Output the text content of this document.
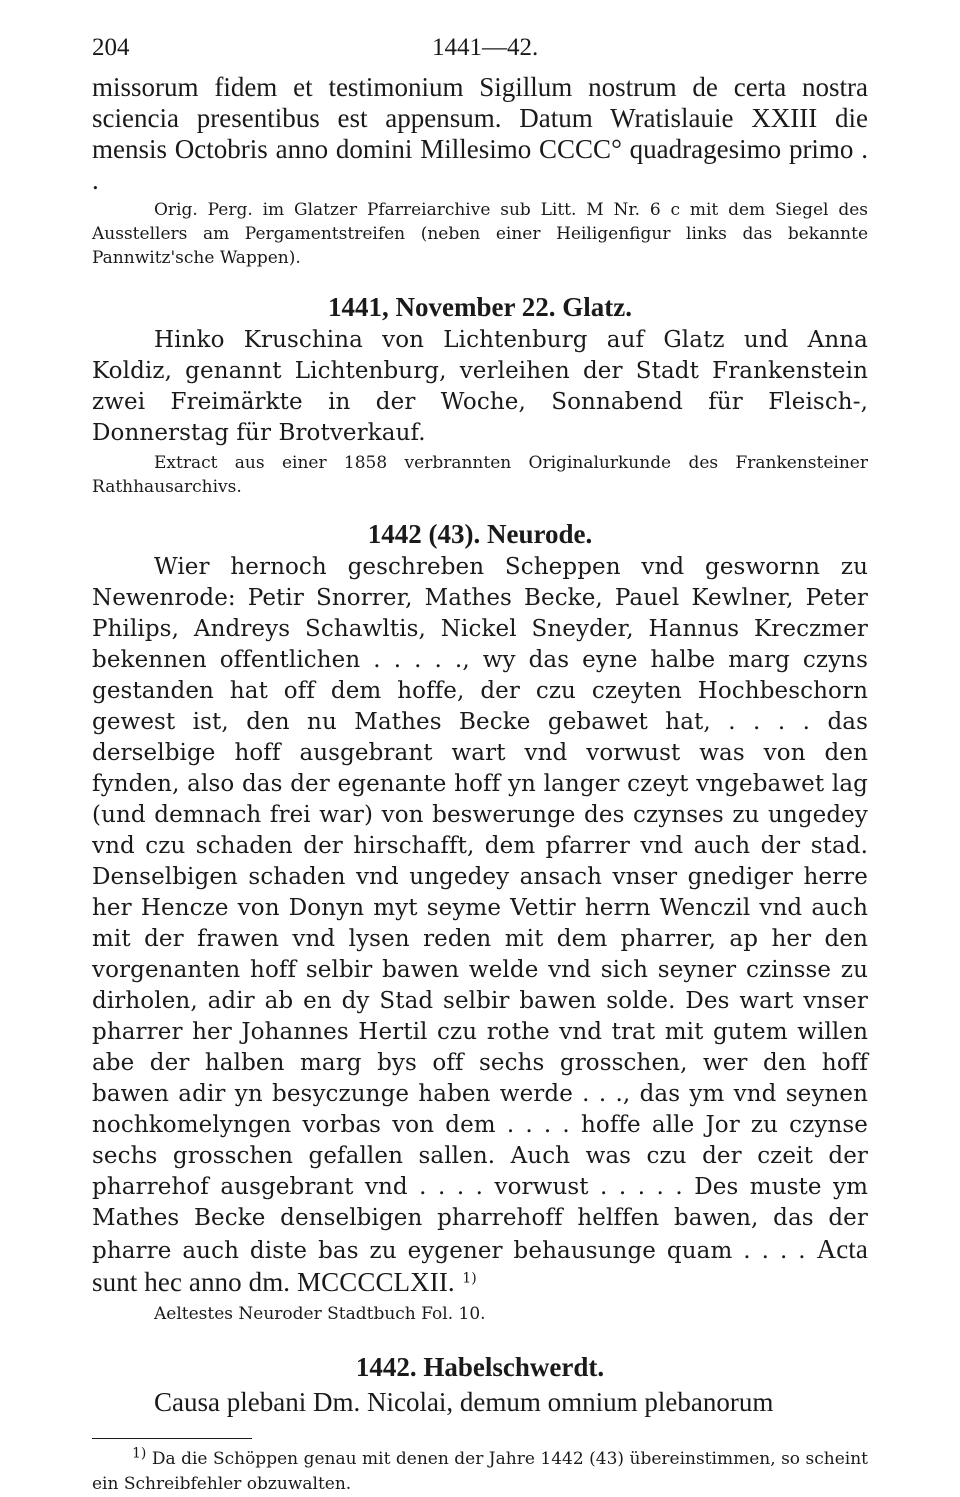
204	1441—42.

missorum fidem et testimonium Sigillum nostrum de certa nostra sciencia presentibus est appensum. Datum Wratislauie XXIII die mensis Octobris anno domini Millesimo CCCC° quadragesimo primo . .

Orig. Perg. im Glatzer Pfarreiarchive sub Litt. M Nr. 6 c mit dem Siegel des Ausstellers am Pergamentstreifen (neben einer Heiligenfigur links das bekannte Pannwitz'sche Wappen).

1441, November 22. Glatz.

Hinko Kruschina von Lichtenburg auf Glatz und Anna Koldiz, genannt Lichtenburg, verleihen der Stadt Frankenstein zwei Freimärkte in der Woche, Sonnabend für Fleisch-, Donnerstag für Brotverkauf.

Extract aus einer 1858 verbrannten Originalurkunde des Frankensteiner Rathhausarchivs.

1442 (43). Neurode.

Wier hernoch geschreben Scheppen vnd geswornn zu Newenrode: Petir Snorrer, Mathes Becke, Pauel Kewlner, Peter Philips, Andreys Schawltis, Nickel Sneyder, Hannus Kreczmer bekennen offentlichen . . . . ., wy das eyne halbe marg czyns gestanden hat off dem hoffe, der czu czeyten Hochbeschorn gewest ist, den nu Mathes Becke gebawet hat, . . . . das derselbige hoff ausgebrant wart vnd vorwust was von den fynden, also das der egenante hoff yn langer czeyt vngebawet lag (und demnach frei war) von beswerunge des czynses zu ungedey vnd czu schaden der hirschafft, dem pfarrer vnd auch der stad. Denselbigen schaden vnd ungedey ansach vnser gnediger herre her Hencze von Donyn myt seyme Vettir herrn Wenczil vnd auch mit der frawen vnd lysen reden mit dem pharrer, ap her den vorgenanten hoff selbir bawen welde vnd sich seyner czinsse zu dirholen, adir ab en dy Stad selbir bawen solde. Des wart vnser pharrer her Johannes Hertil czu rothe vnd trat mit gutem willen abe der halben marg bys off sechs grosschen, wer den hoff bawen adir yn besyczunge haben werde . . ., das ym vnd seynen nochkomelyngen vorbas von dem . . . . hoffe alle Jor zu czynse sechs grosschen gefallen sallen. Auch was czu der czeit der pharrehof ausgebrant vnd . . . . vorwust . . . . . Des muste ym Mathes Becke denselbigen pharrehoff helffen bawen, das der pharre auch diste bas zu eygener behausunge quam . . . . Acta sunt hec anno dm. MCCCCLXII. $^{1)}$

Aeltestes Neuroder Stadtbuch Fol. 10.

1442. Habelschwerdt.

Causa plebani Dm. Nicolai, demum omnium plebanorum

$^{1)}$ Da die Schöppen genau mit denen der Jahre 1442 (43) übereinstimmen, so scheint ein Schreibfehler obzuwalten.
